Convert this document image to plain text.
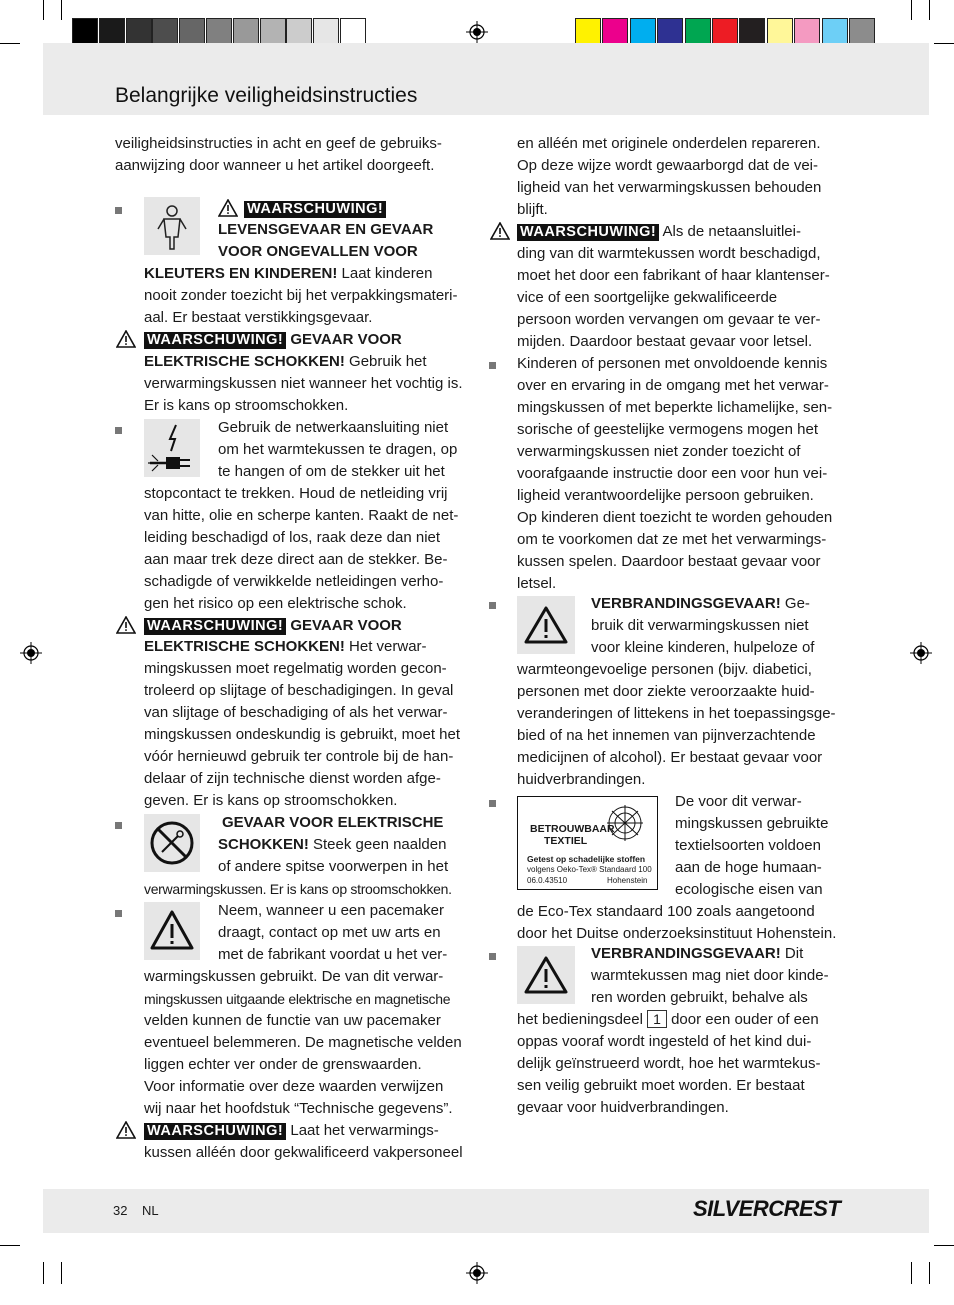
Belangrijke veiligheidsinstructies

veiligheidsinstructies in acht en geef de gebruiks-aanwijzing door wanneer u het artikel doorgeeft.

WAARSCHUWING!
LEVENSGEVAAR EN GEVAAR
VOOR ONGEVALLEN VOOR
KLEUTERS EN KINDEREN! Laat kinderen
nooit zonder toezicht bij het verpakkingsmateri-
aal. Er bestaat verstikkingsgevaar.
WAARSCHUWING! GEVAAR VOOR
ELEKTRISCHE SCHOKKEN! Gebruik het
verwarmingskussen niet wanneer het vochtig is.
Er is kans op stroomschokken.
Gebruik de netwerkaansluiting niet
om het warmtekussen te dragen, op
te hangen of om de stekker uit het
stopcontact te trekken. Houd de netleiding vrij
van hitte, olie en scherpe kanten. Raakt de net-
leiding beschadigd of los, raak deze dan niet
aan maar trek deze direct aan de stekker. Be-
schadigde of verwikkelde netleidingen verho-
gen het risico op een elektrische schok.
WAARSCHUWING! GEVAAR VOOR
ELEKTRISCHE SCHOKKEN! Het verwar-
mingskussen moet regelmatig worden gecon-
troleerd op slijtage of beschadigingen. In geval
van slijtage of beschadiging of als het verwar-
mingskussen ondeskundig is gebruikt, moet het
vóór hernieuwd gebruik ter controle bij de han-
delaar of zijn technische dienst worden afge-
geven. Er is kans op stroomschokken.
GEVAAR VOOR ELEKTRISCHE
SCHOKKEN! Steek geen naalden
of andere spitse voorwerpen in het
verwarmingskussen. Er is kans op stroomschokken.
Neem, wanneer u een pacemaker
draagt, contact op met uw arts en
met de fabrikant voordat u het ver-
warmingskussen gebruikt. De van dit verwar-
mingskussen uitgaande elektrische en magnetische
velden kunnen de functie van uw pacemaker
eventueel belemmeren. De magnetische velden
liggen echter ver onder de grenswaarden.
Voor informatie over deze waarden verwijzen
wij naar het hoofdstuk “Technische gegevens”.
WAARSCHUWING! Laat het verwarmings-
kussen alléén door gekwalificeerd vakpersoneel
en alléén met originele onderdelen repareren.
Op deze wijze wordt gewaarborgd dat de vei-
ligheid van het verwarmingskussen behouden
blijft.
WAARSCHUWING! Als de netaansluitlei-
ding van dit warmtekussen wordt beschadigd,
moet het door een fabrikant of haar klantenser-
vice of een soortgelijke gekwalificeerde
persoon worden vervangen om gevaar te ver-
mijden. Daardoor bestaat gevaar voor letsel.
Kinderen of personen met onvoldoende kennis
over en ervaring in de omgang met het verwar-
mingskussen of met beperkte lichamelijke, sen-
sorische of geestelijke vermogens mogen het
verwarmingskussen niet zonder toezicht of
voorafgaande instructie door een voor hun vei-
ligheid verantwoordelijke persoon gebruiken.
Op kinderen dient toezicht te worden gehouden
om te voorkomen dat ze met het verwarmings-
kussen spelen. Daardoor bestaat gevaar voor
letsel.
VERBRANDINGSGEVAAR! Ge-
bruik dit verwarmingskussen niet
voor kleine kinderen, hulpeloze of
warmteongevoelige personen (bijv. diabetici,
personen met door ziekte veroorzaakte huid-
veranderingen of littekens in het toepassingsge-
bied of na het innemen van pijnverzachtende
medicijnen of alcohol). Er bestaat gevaar voor
huidverbrandingen.
BETROUWBAAR
TEXTIEL
Getest op schadelijke stoffen
volgens Oeko-Tex® Standaard 100
06.0.43510	Hohenstein
De voor dit verwar-
mingskussen gebruikte
textielsoorten voldoen
aan de hoge humaan-
ecologische eisen van
de Eco-Tex standaard 100 zoals aangetoond
door het Duitse onderzoeksinstituut Hohenstein.
VERBRANDINGSGEVAAR! Dit
warmtekussen mag niet door kinde-
ren worden gebruikt, behalve als
het bedieningsdeel 1 door een ouder of een
oppas vooraf wordt ingesteld of het kind dui-
delijk geïnstrueerd wordt, hoe het warmtekus-
sen veilig gebruikt moet worden. Er bestaat
gevaar voor huidverbrandingen.
32 NL	SILVERCREST
